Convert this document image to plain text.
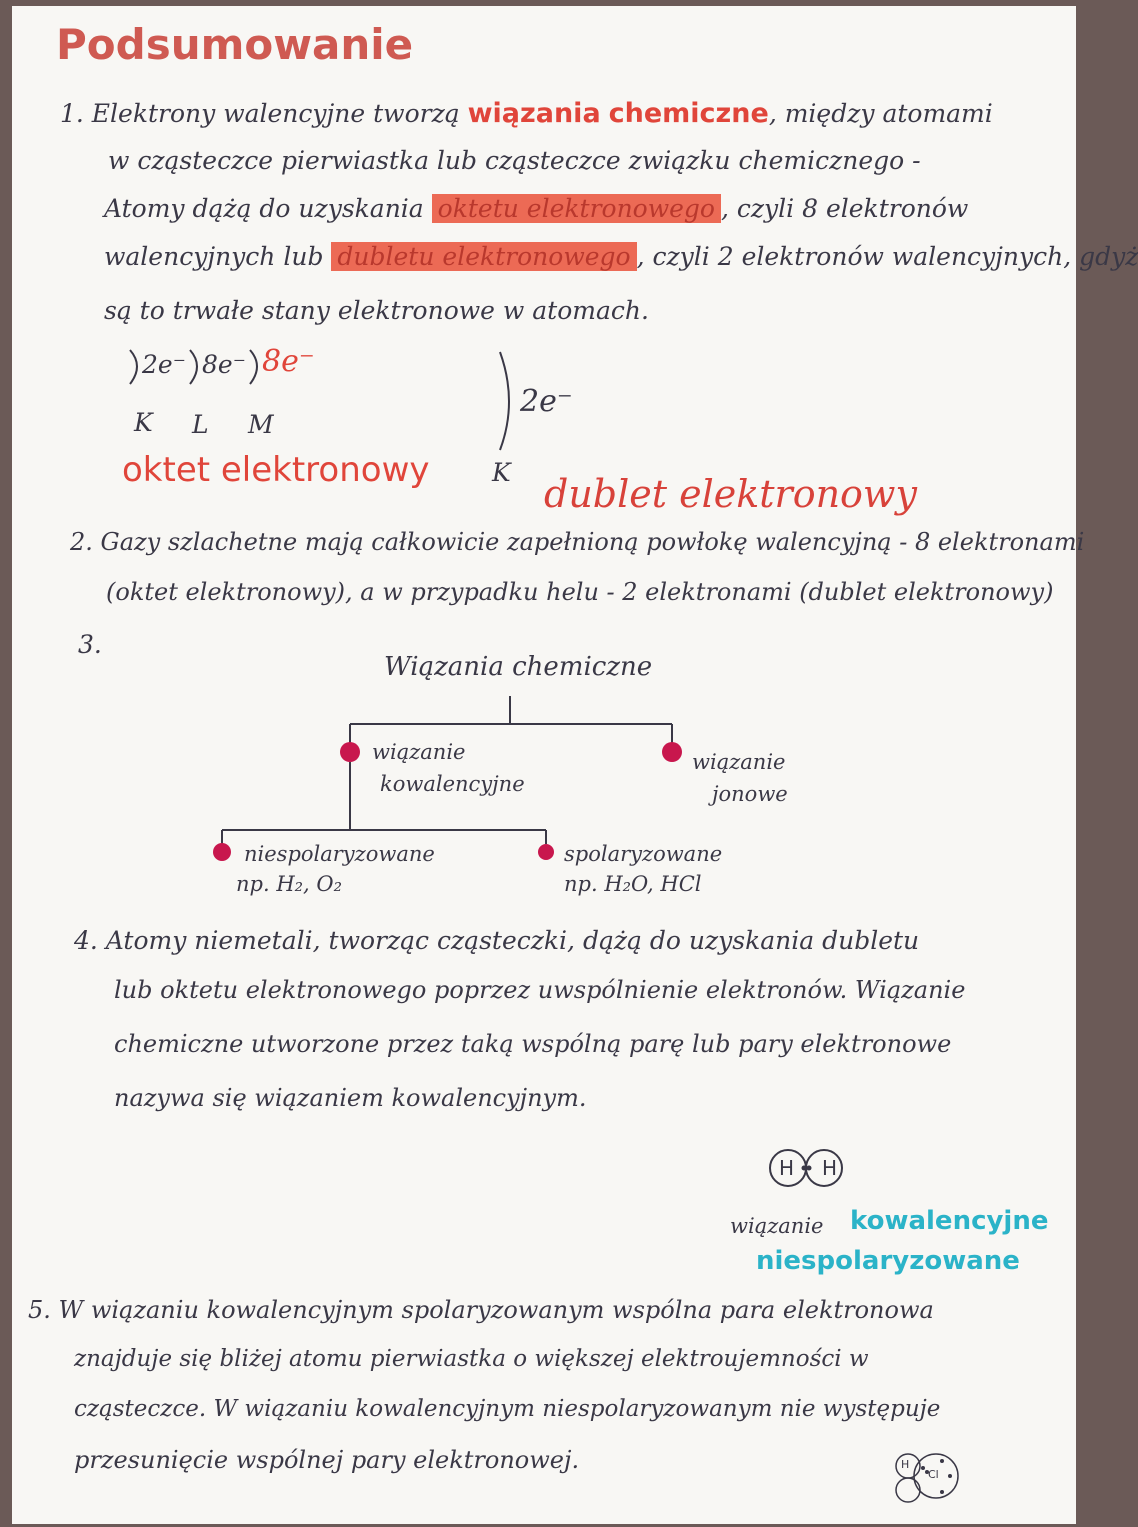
Podsumowanie
1. Elektrony walencyjne tworzą wiązania chemiczne, między atomami
w cząsteczce pierwiastka lub cząsteczce związku chemicznego -
Atomy dążą do uzyskania oktetu elektronowego , czyli 8 elektronów
walencyjnych lub dubletu elektronowego , czyli 2 elektronów walencyjnych, gdyż
są to trwałe stany elektronowe w atomach.
2e⁻ 8e⁻ 8e⁻
K L M
oktet elektronowy
2e⁻
K dublet elektronowy
2. Gazy szlachetne mają całkowicie zapełnioną powłokę walencyjną - 8 elektronami
(oktet elektronowy), a w przypadku helu - 2 elektronami (dublet elektronowy)
3.
Wiązania chemiczne
wiązanie
kowalencyjne
wiązanie
jonowe
niespolaryzowane
np. H₂, O₂
spolaryzowane
np. H₂O, HCl
4. Atomy niemetali, tworząc cząsteczki, dążą do uzyskania dubletu
lub oktetu elektronowego poprzez uwspólnienie elektronów. Wiązanie
chemiczne utworzone przez taką wspólną parę lub pary elektronowe
nazywa się wiązaniem kowalencyjnym.
H H
wiązanie kowalencyjne
niespolaryzowane
5. W wiązaniu kowalencyjnym spolaryzowanym wspólna para elektronowa
znajduje się bliżej atomu pierwiastka o większej elektroujemności w
cząsteczce. W wiązaniu kowalencyjnym niespolaryzowanym nie występuje
przesunięcie wspólnej pary elektronowej.	H
Cl
